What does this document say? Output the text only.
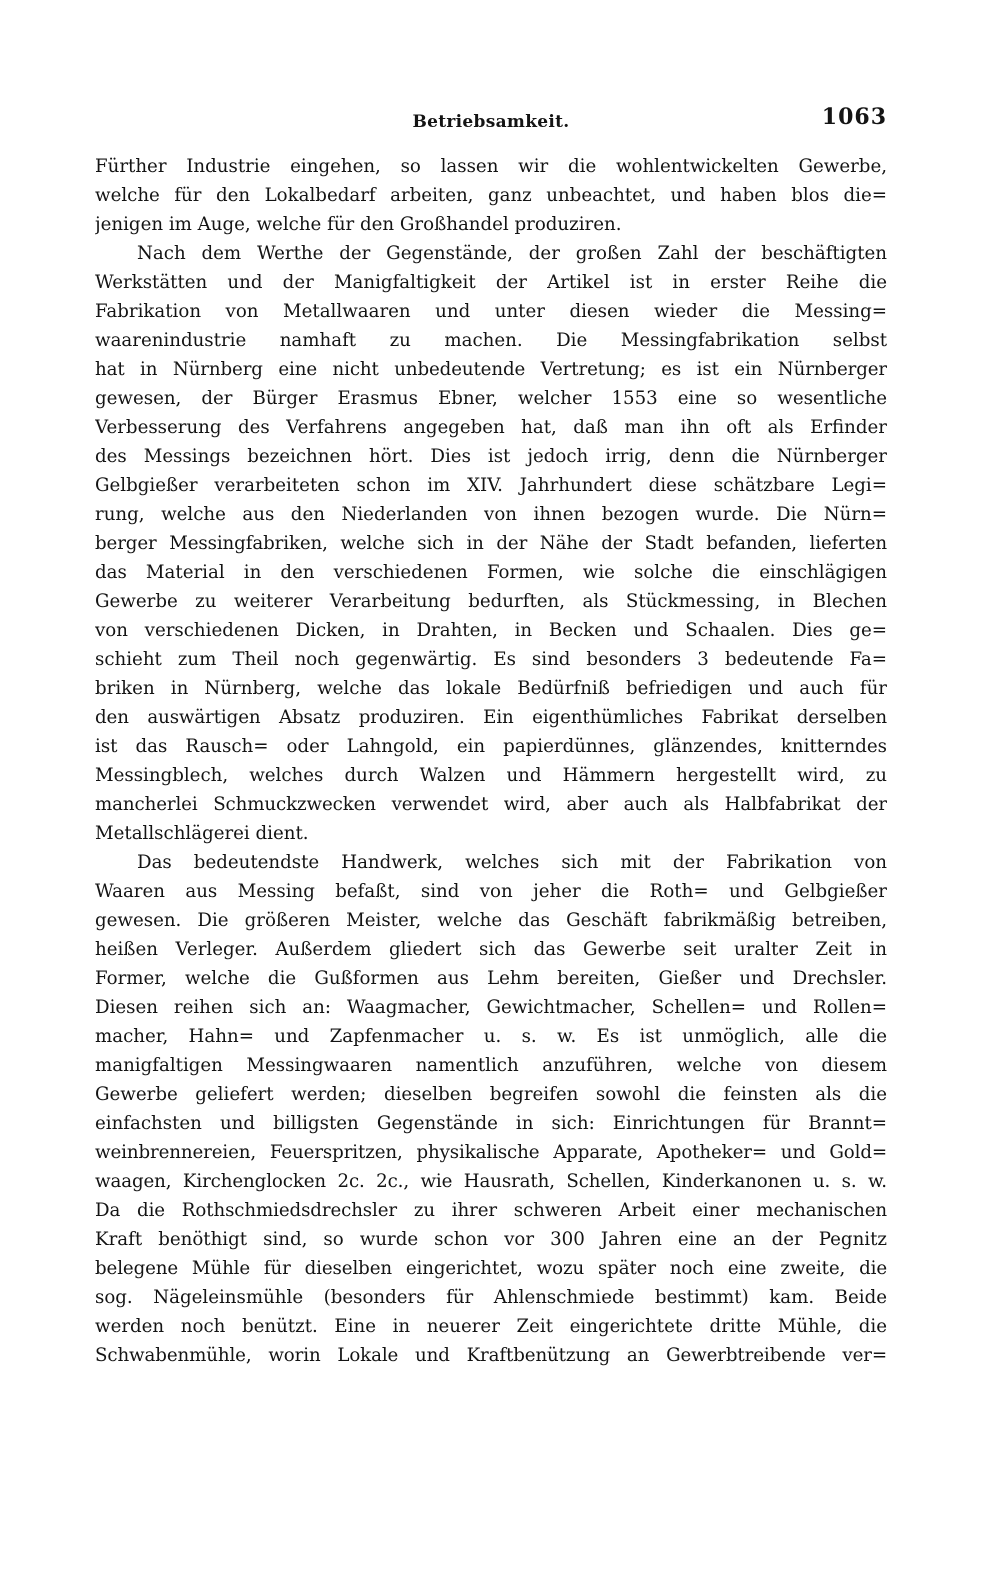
Betriebsamkeit.	1063
Fürther Industrie eingehen, so lassen wir die wohlentwickelten Gewerbe,
welche für den Lokalbedarf arbeiten, ganz unbeachtet, und haben blos die=
jenigen im Auge, welche für den Großhandel produziren.
Nach dem Werthe der Gegenstände, der großen Zahl der beschäftigten
Werkstätten und der Manigfaltigkeit der Artikel ist in erster Reihe die
Fabrikation von Metallwaaren und unter diesen wieder die Messing=
waarenindustrie namhaft zu machen. Die Messingfabrikation selbst
hat in Nürnberg eine nicht unbedeutende Vertretung; es ist ein Nürnberger
gewesen, der Bürger Erasmus Ebner, welcher 1553 eine so wesentliche
Verbesserung des Verfahrens angegeben hat, daß man ihn oft als Erfinder
des Messings bezeichnen hört. Dies ist jedoch irrig, denn die Nürnberger
Gelbgießer verarbeiteten schon im XIV. Jahrhundert diese schätzbare Legi=
rung, welche aus den Niederlanden von ihnen bezogen wurde. Die Nürn=
berger Messingfabriken, welche sich in der Nähe der Stadt befanden, lieferten
das Material in den verschiedenen Formen, wie solche die einschlägigen
Gewerbe zu weiterer Verarbeitung bedurften, als Stückmessing, in Blechen
von verschiedenen Dicken, in Drahten, in Becken und Schaalen. Dies ge=
schieht zum Theil noch gegenwärtig. Es sind besonders 3 bedeutende Fa=
briken in Nürnberg, welche das lokale Bedürfniß befriedigen und auch für
den auswärtigen Absatz produziren. Ein eigenthümliches Fabrikat derselben
ist das Rausch= oder Lahngold, ein papierdünnes, glänzendes, knitterndes
Messingblech, welches durch Walzen und Hämmern hergestellt wird, zu
mancherlei Schmuckzwecken verwendet wird, aber auch als Halbfabrikat der
Metallschlägerei dient.
Das bedeutendste Handwerk, welches sich mit der Fabrikation von
Waaren aus Messing befaßt, sind von jeher die Roth= und Gelbgießer
gewesen. Die größeren Meister, welche das Geschäft fabrikmäßig betreiben,
heißen Verleger. Außerdem gliedert sich das Gewerbe seit uralter Zeit in
Former, welche die Gußformen aus Lehm bereiten, Gießer und Drechsler.
Diesen reihen sich an: Waagmacher, Gewichtmacher, Schellen= und Rollen=
macher, Hahn= und Zapfenmacher u. s. w. Es ist unmöglich, alle die
manigfaltigen Messingwaaren namentlich anzuführen, welche von diesem
Gewerbe geliefert werden; dieselben begreifen sowohl die feinsten als die
einfachsten und billigsten Gegenstände in sich: Einrichtungen für Brannt=
weinbrennereien, Feuerspritzen, physikalische Apparate, Apotheker= und Gold=
waagen, Kirchenglocken 2c. 2c., wie Hausrath, Schellen, Kinderkanonen u. s. w.
Da die Rothschmiedsdrechsler zu ihrer schweren Arbeit einer mechanischen
Kraft benöthigt sind, so wurde schon vor 300 Jahren eine an der Pegnitz
belegene Mühle für dieselben eingerichtet, wozu später noch eine zweite, die
sog. Nägeleinsmühle (besonders für Ahlenschmiede bestimmt) kam. Beide
werden noch benützt. Eine in neuerer Zeit eingerichtete dritte Mühle, die
Schwabenmühle, worin Lokale und Kraftbenützung an Gewerbtreibende ver=
